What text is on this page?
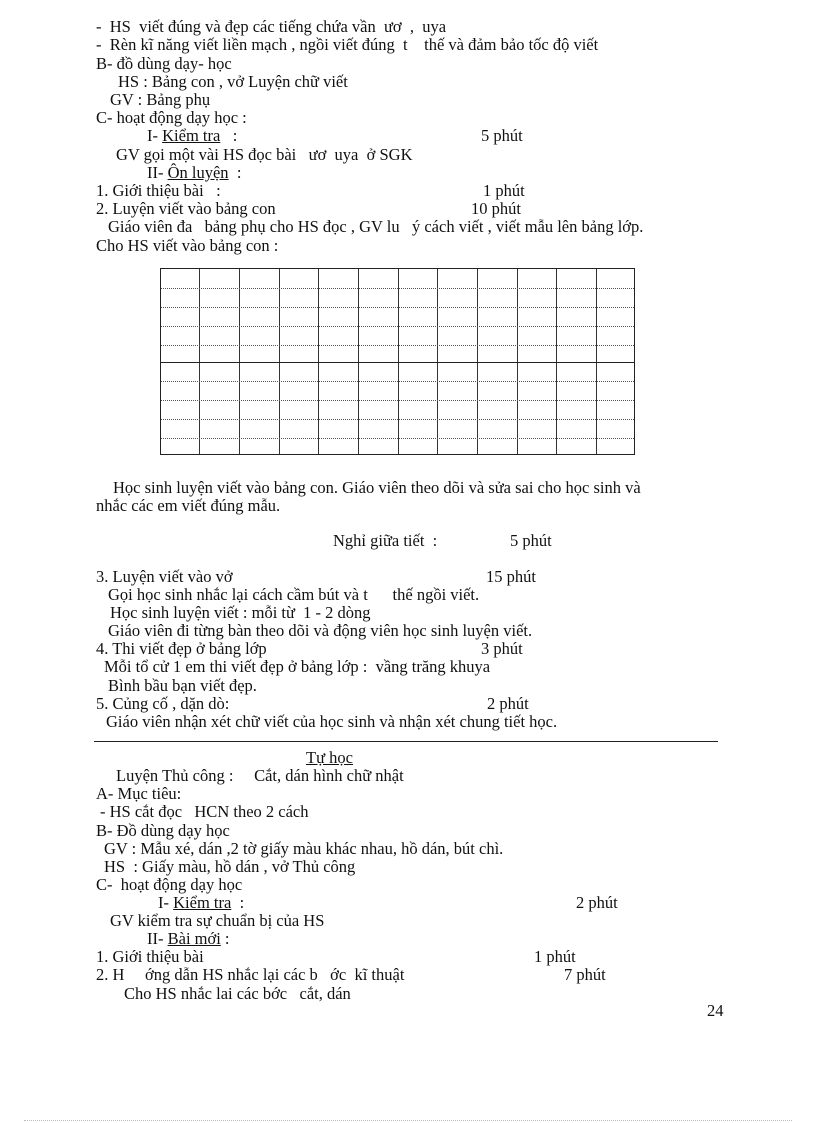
-  HS  viết đúng và đẹp các tiếng chứa vần  ươ  ,  uya
-  Rèn kĩ năng viết liền mạch , ngồi viết đúng  t    thế và đảm bảo tốc độ viết
B- đồ dùng dạy- học
HS : Bảng con , vở Luyện chữ viết
GV : Bảng phụ
C- hoạt động dạy học :
I- Kiểm tra   :	5 phút
GV gọi một vài HS đọc bài   ươ  uya  ở SGK
II- Ôn luyện  :
1. Giới thiệu bài   :	1 phút
2. Luyện viết vào bảng con	10 phút
Giáo viên đa   bảng phụ cho HS đọc , GV lu   ý cách viết , viết mẫu lên bảng lớp.
Cho HS viết vào bảng con :
Học sinh luyện viết vào bảng con. Giáo viên theo dõi và sửa sai cho học sinh và
nhắc các em viết đúng mẫu.
Nghỉ giữa tiết  :	5 phút
3. Luyện viết vào vở	15 phút
Gọi học sinh nhắc lại cách cầm bút và t      thế ngồi viết.
Học sinh luyện viết : mỗi từ  1 - 2 dòng
Giáo viên đi từng bàn theo dõi và động viên học sinh luyện viết.
4. Thi viết đẹp ở bảng lớp	3 phút
Mỗi tổ cử 1 em thi viết đẹp ở bảng lớp :  vầng trăng khuya
Bình bầu bạn viết đẹp.
5. Củng cố , dặn dò:	2 phút
Giáo viên nhận xét chữ viết của học sinh và nhận xét chung tiết học.
Tự học
Luyện Thủ công :     Cắt, dán hình chữ nhật
A- Mục tiêu:
- HS cắt đọc   HCN theo 2 cách
B- Đồ dùng dạy học
GV : Mẫu xé, dán ,2 tờ giấy màu khác nhau, hồ dán, bút chì.
HS  : Giấy màu, hồ dán , vở Thủ công
C-  hoạt động dạy học
I- Kiểm tra  :	2 phút
GV kiểm tra sự chuẩn bị của HS
II- Bài mới :
1. Giới thiệu bài	1 phút
2. H     ớng dẫn HS nhắc lại các b   ớc  kĩ thuật	7 phút
Cho HS nhắc lai các bớc   cắt, dán
24
